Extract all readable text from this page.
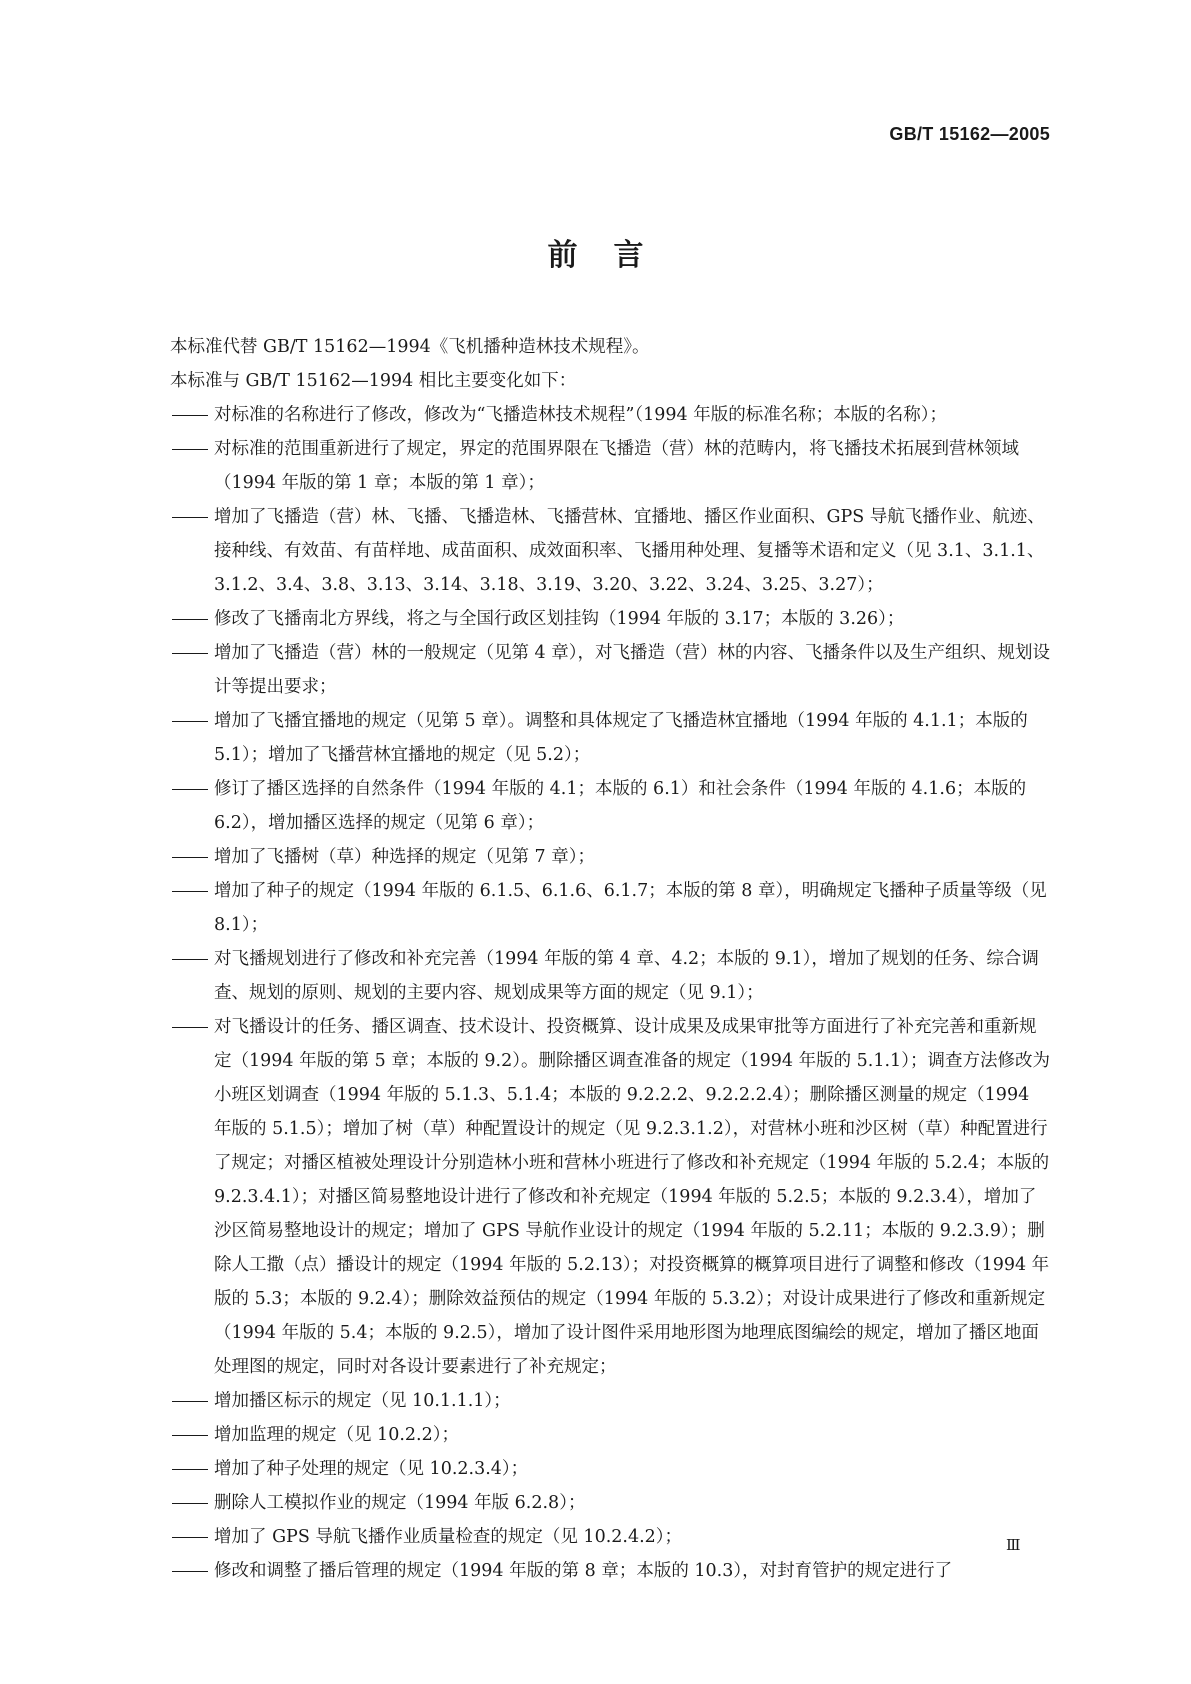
GB/T 15162—2005
前言

本标准代替 GB/T 15162—1994《飞机播种造林技术规程》。

本标准与 GB/T 15162—1994 相比主要变化如下：

对标准的名称进行了修改，修改为“飞播造林技术规程”（1994 年版的标准名称；本版的名称）；

对标准的范围重新进行了规定，界定的范围界限在飞播造（营）林的范畴内，将飞播技术拓展到营林领域（1994 年版的第 1 章；本版的第 1 章）；

增加了飞播造（营）林、飞播、飞播造林、飞播营林、宜播地、播区作业面积、GPS 导航飞播作业、航迹、接种线、有效苗、有苗样地、成苗面积、成效面积率、飞播用种处理、复播等术语和定义（见 3.1、3.1.1、3.1.2、3.4、3.8、3.13、3.14、3.18、3.19、3.20、3.22、3.24、3.25、3.27）；

修改了飞播南北方界线，将之与全国行政区划挂钩（1994 年版的 3.17；本版的 3.26）；

增加了飞播造（营）林的一般规定（见第 4 章），对飞播造（营）林的内容、飞播条件以及生产组织、规划设计等提出要求；

增加了飞播宜播地的规定（见第 5 章）。调整和具体规定了飞播造林宜播地（1994 年版的 4.1.1；本版的 5.1）；增加了飞播营林宜播地的规定（见 5.2）；

修订了播区选择的自然条件（1994 年版的 4.1；本版的 6.1）和社会条件（1994 年版的 4.1.6；本版的 6.2），增加播区选择的规定（见第 6 章）；

增加了飞播树（草）种选择的规定（见第 7 章）；

增加了种子的规定（1994 年版的 6.1.5、6.1.6、6.1.7；本版的第 8 章），明确规定飞播种子质量等级（见 8.1）；

对飞播规划进行了修改和补充完善（1994 年版的第 4 章、4.2；本版的 9.1），增加了规划的任务、综合调查、规划的原则、规划的主要内容、规划成果等方面的规定（见 9.1）；

对飞播设计的任务、播区调查、技术设计、投资概算、设计成果及成果审批等方面进行了补充完善和重新规定（1994 年版的第 5 章；本版的 9.2）。删除播区调查准备的规定（1994 年版的 5.1.1）；调查方法修改为小班区划调查（1994 年版的 5.1.3、5.1.4；本版的 9.2.2.2、9.2.2.2.4）；删除播区测量的规定（1994 年版的 5.1.5）；增加了树（草）种配置设计的规定（见 9.2.3.1.2），对营林小班和沙区树（草）种配置进行了规定；对播区植被处理设计分别造林小班和营林小班进行了修改和补充规定（1994 年版的 5.2.4；本版的 9.2.3.4.1）；对播区简易整地设计进行了修改和补充规定（1994 年版的 5.2.5；本版的 9.2.3.4），增加了沙区简易整地设计的规定；增加了 GPS 导航作业设计的规定（1994 年版的 5.2.11；本版的 9.2.3.9）；删除人工撒（点）播设计的规定（1994 年版的 5.2.13）；对投资概算的概算项目进行了调整和修改（1994 年版的 5.3；本版的 9.2.4）；删除效益预估的规定（1994 年版的 5.3.2）；对设计成果进行了修改和重新规定（1994 年版的 5.4；本版的 9.2.5），增加了设计图件采用地形图为地理底图编绘的规定，增加了播区地面处理图的规定，同时对各设计要素进行了补充规定；

增加播区标示的规定（见 10.1.1.1）；

增加监理的规定（见 10.2.2）；

增加了种子处理的规定（见 10.2.3.4）；

删除人工模拟作业的规定（1994 年版 6.2.8）；

增加了 GPS 导航飞播作业质量检查的规定（见 10.2.4.2）；

修改和调整了播后管理的规定（1994 年版的第 8 章；本版的 10.3），对封育管护的规定进行了

Ⅲ
